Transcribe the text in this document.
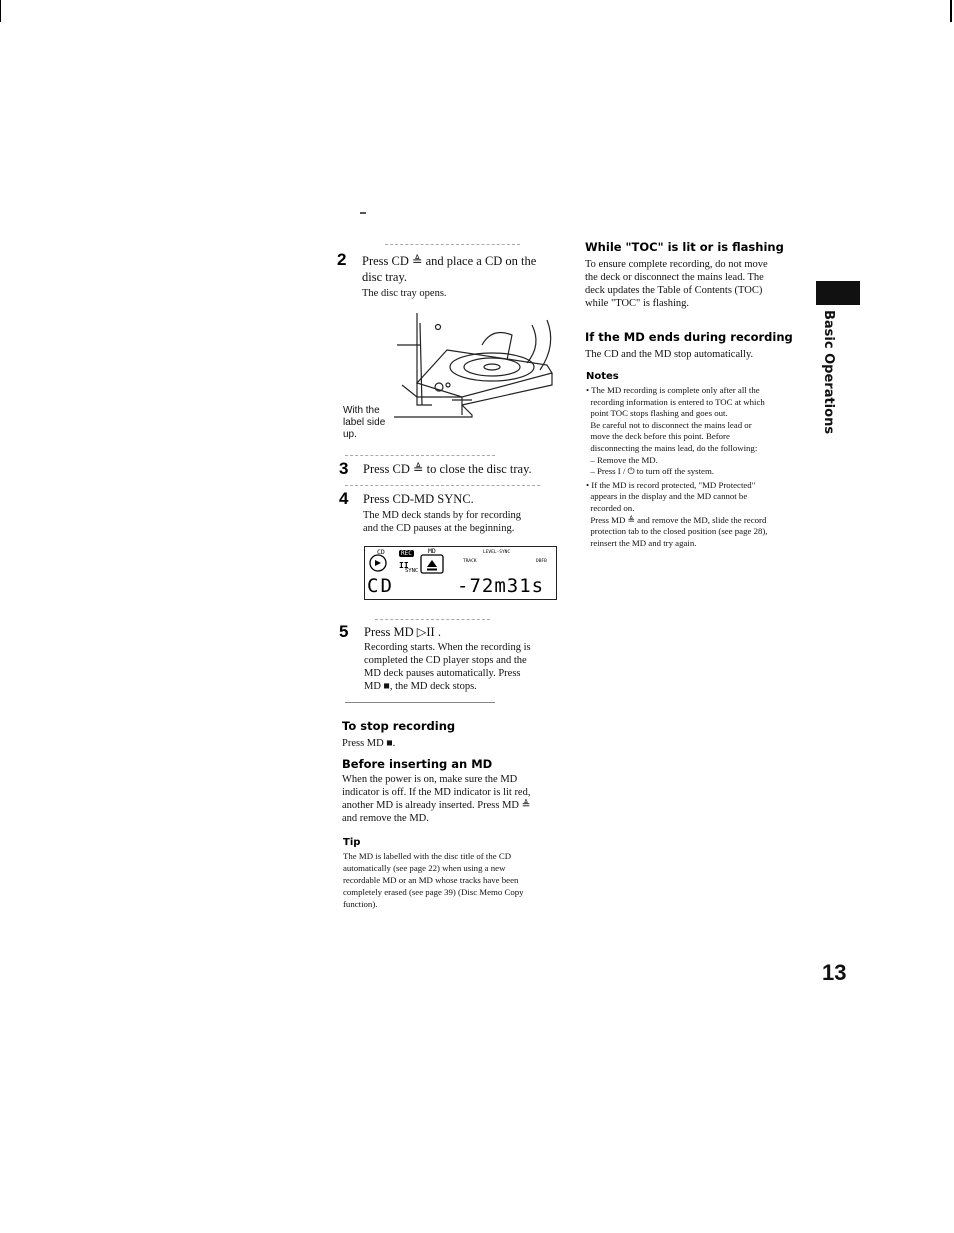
2 Press CD ≜ and place a CD on the
disc tray.
The disc tray opens.
With the
label side
up.
3 Press CD ≜ to close the disc tray.
4 Press CD-MD SYNC.
The MD deck stands by for recording
and the CD pauses at the beginning.
CD	REC
II
SYNC
MD	LEVEL-SYNC
TRACK	DBFB
CD	-72m31s
5 Press MD ▷II .
Recording starts. When the recording is
completed the CD player stops and the
MD deck pauses automatically. Press
MD ■, the MD deck stops.
To stop recording
Press MD ■.
Before inserting an MD
When the power is on, make sure the MD
indicator is off. If the MD indicator is lit red,
another MD is already inserted. Press MD ≜
and remove the MD.
Tip
The MD is labelled with the disc title of the CD
automatically (see page 22) when using a new
recordable MD or an MD whose tracks have been
completely erased (see page 39) (Disc Memo Copy
function).
While "TOC" is lit or is flashing
To ensure complete recording, do not move
the deck or disconnect the mains lead. The
deck updates the Table of Contents (TOC)
while "TOC" is flashing.
If the MD ends during recording
The CD and the MD stop automatically.
Notes
• The MD recording is complete only after all the
recording information is entered to TOC at which
point TOC stops flashing and goes out.
Be careful not to disconnect the mains lead or
move the deck before this point. Before
disconnecting the mains lead, do the following:
– Remove the MD.
– Press I / ⏻ to turn off the system.
• If the MD is record protected, "MD Protected"
appears in the display and the MD cannot be
recorded on.
Press MD ≜ and remove the MD, slide the record
protection tab to the closed position (see page 28),
reinsert the MD and try again.
Basic Operations
13
